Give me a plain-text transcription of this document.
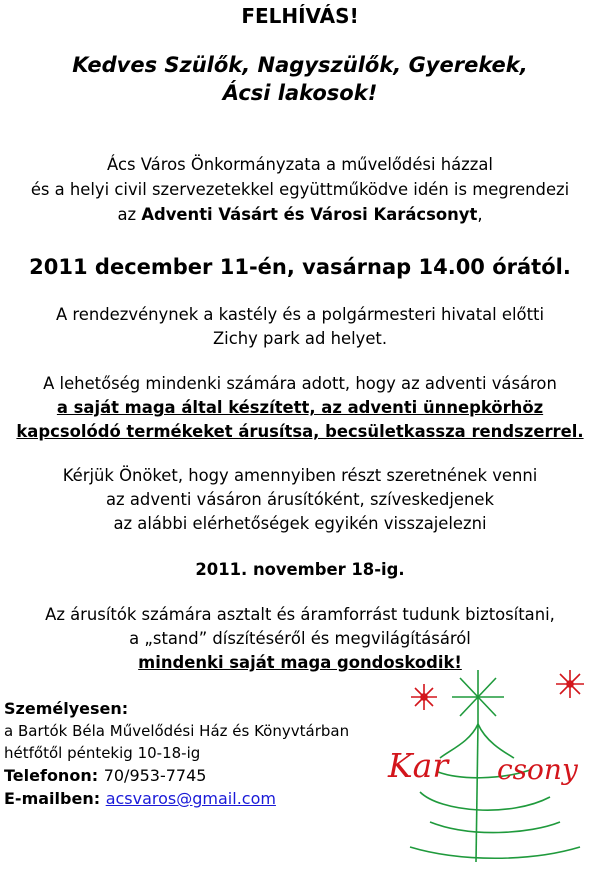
FELHÍVÁS!
Kedves Szülők, Nagyszülők, Gyerekek,
Ácsi lakosok!
Ács Város Önkormányzata a művelődési házzal
és a helyi civil szervezetekkel együttműködve idén is megrendezi
az Adventi Vásárt és Városi Karácsonyt,
2011 december 11-én, vasárnap 14.00 órától.
A rendezvénynek a kastély és a polgármesteri hivatal előtti
Zichy park ad helyet.
A lehetőség mindenki számára adott, hogy az adventi vásáron
a saját maga által készített, az adventi ünnepkörhöz
kapcsolódó termékeket árusítsa, becsületkassza rendszerrel.
Kérjük Önöket, hogy amennyiben részt szeretnének venni
az adventi vásáron árusítóként, szíveskedjenek
az alábbi elérhetőségek egyikén visszajelezni
2011. november 18-ig.
Az árusítók számára asztalt és áramforrást tudunk biztosítani,
a „stand” díszítéséről és megvilágításáról
mindenki saját maga gondoskodik!
Személyesen:
a Bartók Béla Művelődési Ház és Könyvtárban
hétfőtől péntekig 10-18-ig
Telefonon: 70/953-7745
E-mailben: acsvaros@gmail.com
Kar csony
